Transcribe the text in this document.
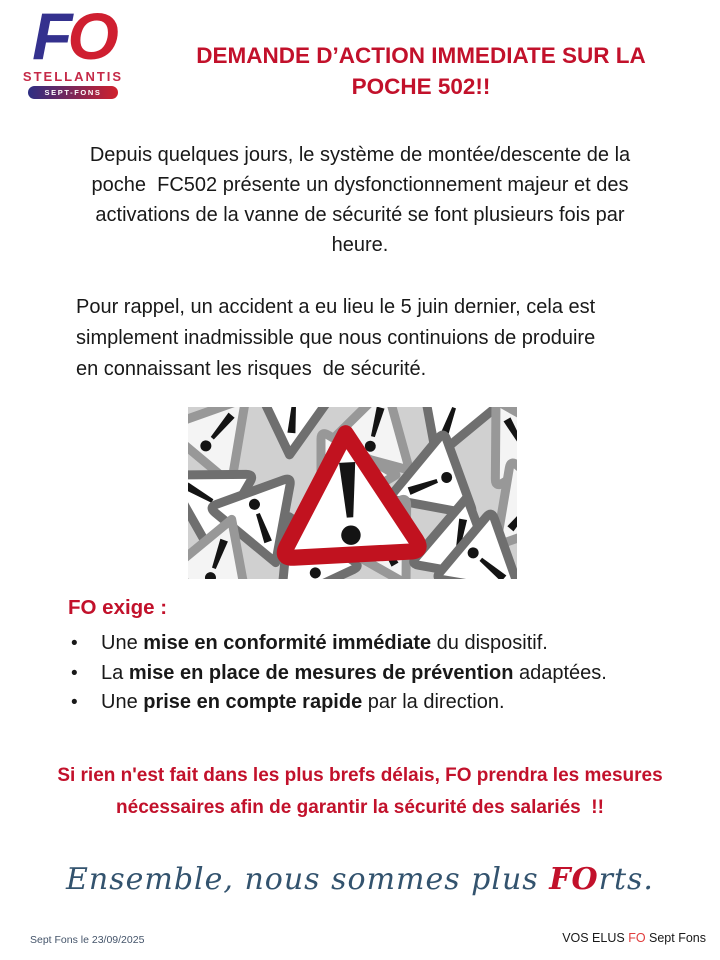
FO
STELLANTIS
SEPT-FONS
DEMANDE D’ACTION IMMEDIATE SUR LA
POCHE 502!!
Depuis quelques jours, le système de montée/descente de la
poche  FC502 présente un dysfonctionnement majeur et des
activations de la vanne de sécurité se font plusieurs fois par
heure.
Pour rappel, un accident a eu lieu le 5 juin dernier, cela est
simplement inadmissible que nous continuions de produire
en connaissant les risques  de sécurité.

FO exige :

• Une mise en conformité immédiate du dispositif.
• La mise en place de mesures de prévention adaptées.
• Une prise en compte rapide par la direction.
Si rien n'est fait dans les plus brefs délais, FO prendra les mesures
nécessaires afin de garantir la sécurité des salariés  !!
Ensemble, nous sommes plus FOrts.
Sept Fons le 23/09/2025	VOS ELUS FO Sept Fons
